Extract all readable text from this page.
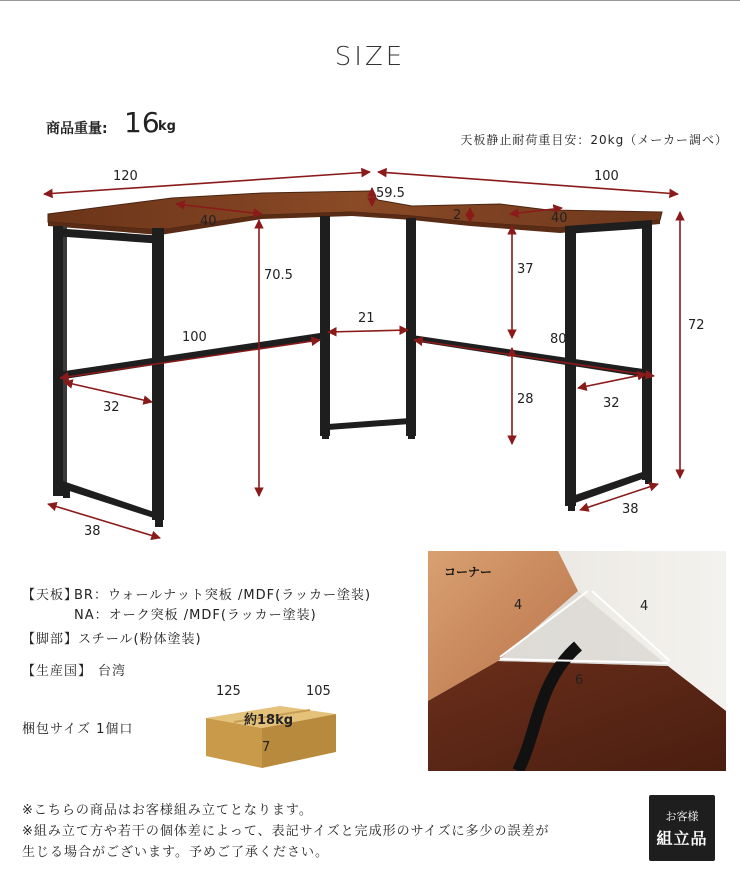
SIZE
商品重量: 16
kg
天板静止耐荷重目安：20kg（メーカー調べ）
120	100
59.5
40	2	40
70.5	37
72
21
100	80
28
32	32
38
38
【天板】
BR：ウォールナット突板 /MDF(ラッカー塗装)
NA：オーク突板 /MDF(ラッカー塗装)
【脚部】スチール(粉体塗装)
【生産国】 台湾
梱包サイズ 1個口
125	105
約18kg
7
コーナー
4	4
6
※こちらの商品はお客様組み立てとなります。
※組み立て方や若干の個体差によって、表記サイズと完成形のサイズに多少の誤差が
生じる場合がございます。予めご了承ください。
お客様
組立品
